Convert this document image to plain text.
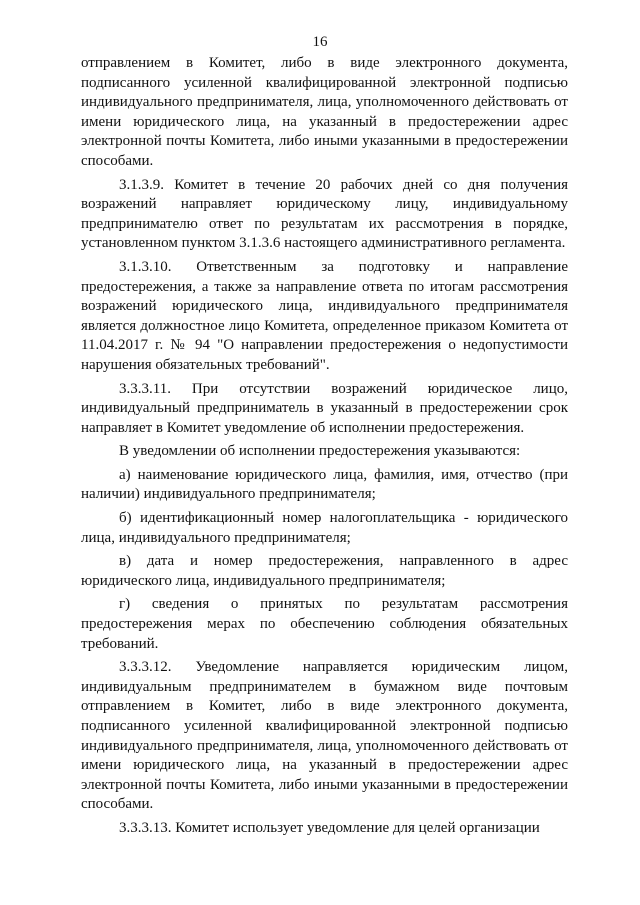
16

отправлением в Комитет, либо в виде электронного документа, подписанного усиленной квалифицированной электронной подписью индивидуального предпринимателя, лица, уполномоченного действовать от имени юридического лица, на указанный в предостережении адрес электронной почты Комитета, либо иными указанными в предостережении способами.

3.1.3.9. Комитет в течение 20 рабочих дней со дня получения возражений направляет юридическому лицу, индивидуальному предпринимателю ответ по результатам их рассмотрения в порядке, установленном пунктом 3.1.3.6 настоящего административного регламента.

3.1.3.10. Ответственным за подготовку и направление предостережения, а также за направление ответа по итогам рассмотрения возражений юридического лица, индивидуального предпринимателя является должностное лицо Комитета, определенное приказом Комитета от 11.04.2017 г. № 94 "О направлении предостережения о недопустимости нарушения обязательных требований".

3.3.3.11. При отсутствии возражений юридическое лицо, индивидуальный предприниматель в указанный в предостережении срок направляет в Комитет уведомление об исполнении предостережения.

В уведомлении об исполнении предостережения указываются:

а) наименование юридического лица, фамилия, имя, отчество (при наличии) индивидуального предпринимателя;

б) идентификационный номер налогоплательщика - юридического лица, индивидуального предпринимателя;

в) дата и номер предостережения, направленного в адрес юридического лица, индивидуального предпринимателя;

г) сведения о принятых по результатам рассмотрения предостережения мерах по обеспечению соблюдения обязательных требований.

3.3.3.12. Уведомление направляется юридическим лицом, индивидуальным предпринимателем в бумажном виде почтовым отправлением в Комитет, либо в виде электронного документа, подписанного усиленной квалифицированной электронной подписью индивидуального предпринимателя, лица, уполномоченного действовать от имени юридического лица, на указанный в предостережении адрес электронной почты Комитета, либо иными указанными в предостережении способами.

3.3.3.13. Комитет использует уведомление для целей организации
